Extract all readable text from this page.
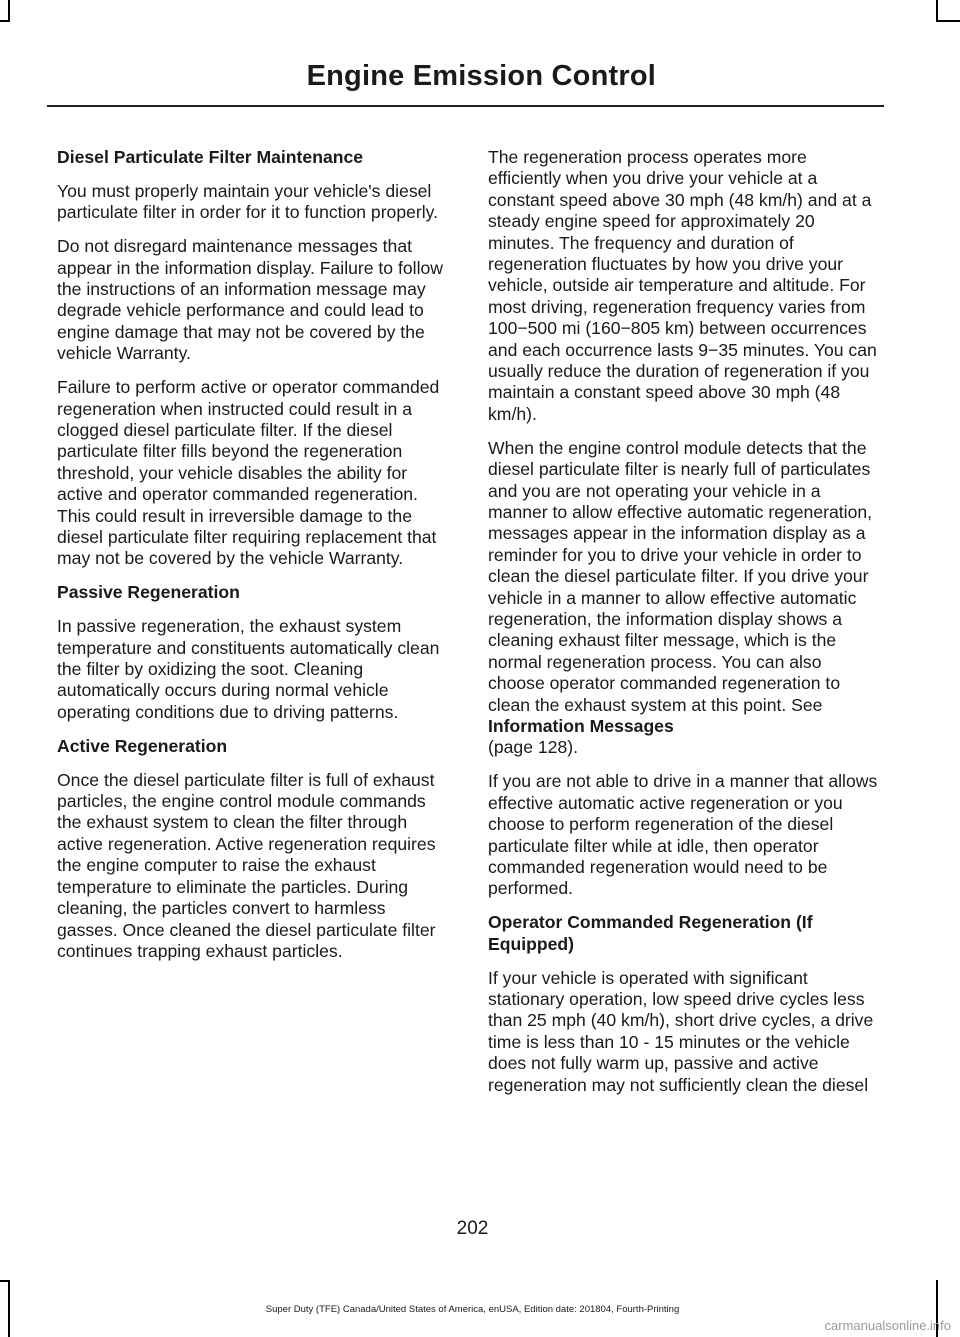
Engine Emission Control
Diesel Particulate Filter Maintenance

You must properly maintain your vehicle's diesel particulate filter in order for it to function properly.

Do not disregard maintenance messages that appear in the information display. Failure to follow the instructions of an information message may degrade vehicle performance and could lead to engine damage that may not be covered by the vehicle Warranty.

Failure to perform active or operator commanded regeneration when instructed could result in a clogged diesel particulate filter. If the diesel particulate filter fills beyond the regeneration threshold, your vehicle disables the ability for active and operator commanded regeneration. This could result in irreversible damage to the diesel particulate filter requiring replacement that may not be covered by the vehicle Warranty.

Passive Regeneration

In passive regeneration, the exhaust system temperature and constituents automatically clean the filter by oxidizing the soot. Cleaning automatically occurs during normal vehicle operating conditions due to driving patterns.

Active Regeneration

Once the diesel particulate filter is full of exhaust particles, the engine control module commands the exhaust system to clean the filter through active regeneration. Active regeneration requires the engine computer to raise the exhaust temperature to eliminate the particles. During cleaning, the particles convert to harmless gasses. Once cleaned the diesel particulate filter continues trapping exhaust particles.

The regeneration process operates more efficiently when you drive your vehicle at a constant speed above 30 mph (48 km/h) and at a steady engine speed for approximately 20 minutes. The frequency and duration of regeneration fluctuates by how you drive your vehicle, outside air temperature and altitude. For most driving, regeneration frequency varies from 100−500 mi (160−805 km) between occurrences and each occurrence lasts 9−35 minutes. You can usually reduce the duration of regeneration if you maintain a constant speed above 30 mph (48 km/h).

When the engine control module detects that the diesel particulate filter is nearly full of particulates and you are not operating your vehicle in a manner to allow effective automatic regeneration, messages appear in the information display as a reminder for you to drive your vehicle in order to clean the diesel particulate filter. If you drive your vehicle in a manner to allow effective automatic regeneration, the information display shows a cleaning exhaust filter message, which is the normal regeneration process. You can also choose operator commanded regeneration to clean the exhaust system at this point. See Information Messages
(page 128).

If you are not able to drive in a manner that allows effective automatic active regeneration or you choose to perform regeneration of the diesel particulate filter while at idle, then operator commanded regeneration would need to be performed.

Operator Commanded Regeneration (If Equipped)

If your vehicle is operated with significant stationary operation, low speed drive cycles less than 25 mph (40 km/h), short drive cycles, a drive time is less than 10 - 15 minutes or the vehicle does not fully warm up, passive and active regeneration may not sufficiently clean the diesel

202
Super Duty (TFE) Canada/United States of America, enUSA, Edition date: 201804, Fourth-Printing
carmanualsonline.info
